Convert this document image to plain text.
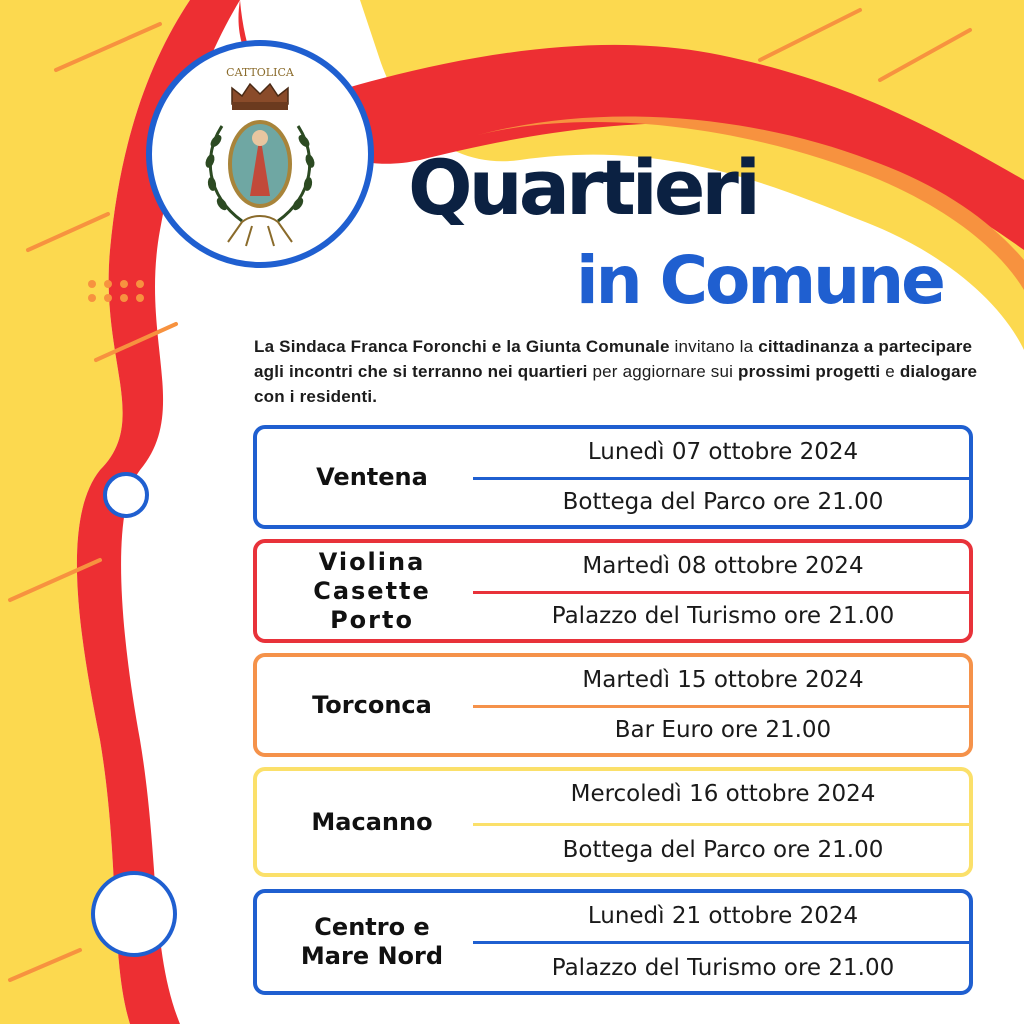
CATTOLICA
Quartieri
in Comune
La Sindaca Franca Foronchi e la Giunta Comunale invitano la cittadinanza a partecipare agli incontri che si terranno nei quartieri per aggiornare sui prossimi progetti e dialogare con i residenti.
Ventena
Lunedì 07 ottobre 2024
Bottega del Parco ore 21.00
Violina
Casette
Porto
Martedì 08 ottobre 2024
Palazzo del Turismo ore 21.00
Torconca
Martedì 15 ottobre 2024
Bar Euro ore 21.00
Macanno
Mercoledì 16 ottobre 2024
Bottega del Parco ore 21.00
Centro e
Mare Nord
Lunedì 21 ottobre 2024
Palazzo del Turismo ore 21.00
